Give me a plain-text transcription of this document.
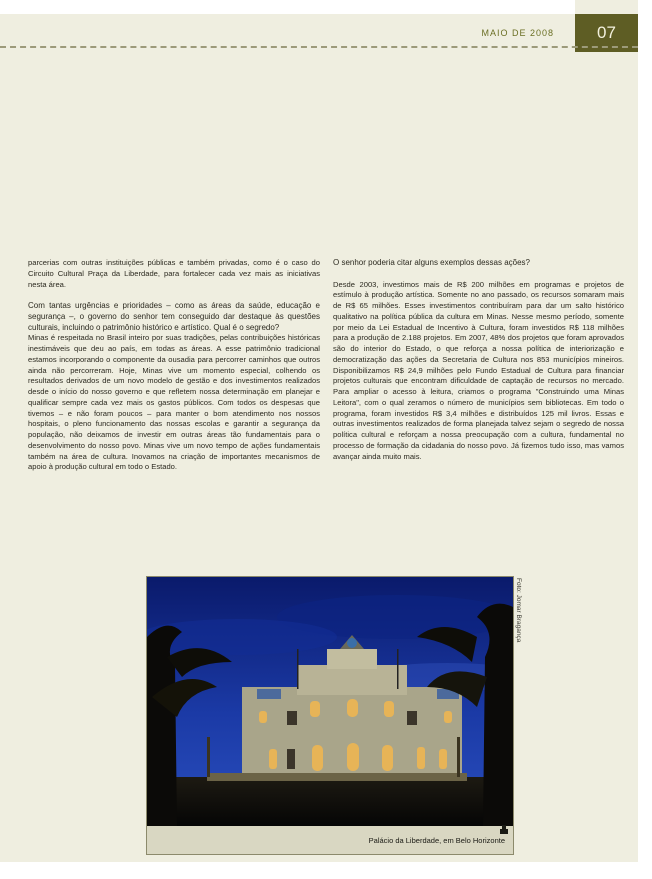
MAIO DE 2008	07

parcerias com outras instituições públicas e também privadas, como é o caso do Circuito Cultural Praça da Liberdade, para fortalecer cada vez mais as iniciativas nesta área.

Com tantas urgências e prioridades – como as áreas da saúde, educação e segurança –, o governo do senhor tem conseguido dar destaque às questões culturais, incluindo o patrimônio histórico e artístico. Qual é o segredo?

Minas é respeitada no Brasil inteiro por suas tradições, pelas contribuições históricas inestimáveis que deu ao país, em todas as áreas. A esse patrimônio tradicional estamos incorporando o componente da ousadia para percorrer caminhos que outros ainda não percorreram. Hoje, Minas vive um momento especial, colhendo os resultados derivados de um novo modelo de gestão e dos investimentos realizados desde o início do nosso governo e que refletem nossa determinação em planejar e qualificar sempre cada vez mais os gastos públicos. Com todos os despesas que tivemos – e não foram poucos – para manter o bom atendimento nos nossos hospitais, o pleno funcionamento das nossas escolas e garantir a segurança da população, não deixamos de investir em outras áreas tão fundamentais para o desenvolvimento do nosso povo. Minas vive um novo tempo de ações fundamentais também na área de cultura. Inovamos na criação de importantes mecanismos de apoio à produção cultural em todo o Estado.

O senhor poderia citar alguns exemplos dessas ações?

Desde 2003, investimos mais de R$ 200 milhões em programas e projetos de estímulo à produção artística. Somente no ano passado, os recursos somaram mais de R$ 65 milhões. Esses investimentos contribuíram para dar um salto histórico qualitativo na política pública da cultura em Minas. Nesse mesmo período, somente por meio da Lei Estadual de Incentivo à Cultura, foram investidos R$ 118 milhões para a produção de 2.188 projetos. Em 2007, 48% dos projetos que foram aprovados são do interior do Estado, o que reforça a nossa política de interiorização e democratização das ações da Secretaria de Cultura nos 853 municípios mineiros. Disponibilizamos R$ 24,9 milhões pelo Fundo Estadual de Cultura para financiar projetos culturais que encontram dificuldade de captação de recursos no mercado. Para ampliar o acesso à leitura, criamos o programa "Construindo uma Minas Leitora", com o qual zeramos o número de municípios sem bibliotecas. Em todo o programa, foram investidos R$ 3,4 milhões e distribuídos 125 mil livros. Essas e outras investimentos realizados de forma planejada talvez sejam o segredo de nossa política cultural e reforçam a nossa preocupação com a cultura, fundamental no processo de formação da cidadania do nosso povo. Já fizemos tudo isso, mas vamos avançar ainda muito mais.

Palácio da Liberdade, em Belo Horizonte
Foto: Jomar Bragança
